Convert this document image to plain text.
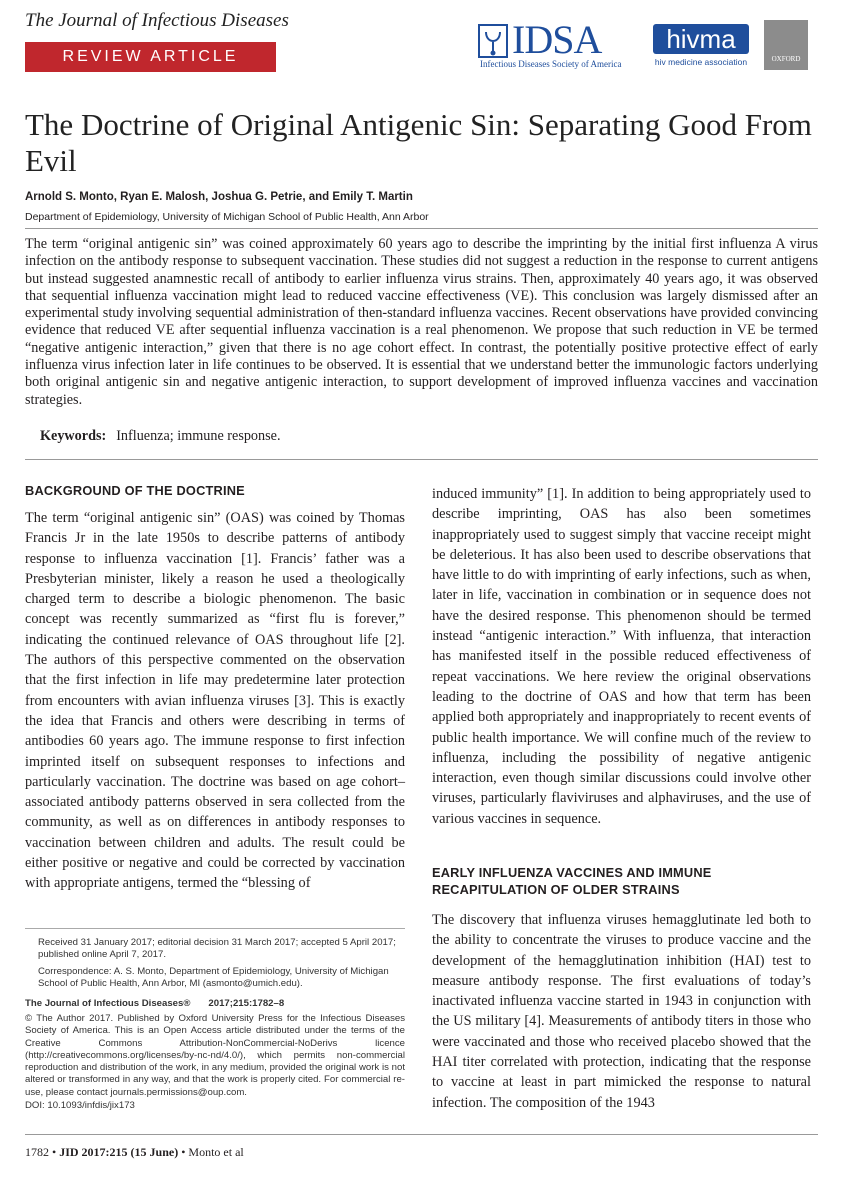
The Journal of Infectious Diseases
REVIEW ARTICLE	IDSA
Infectious Diseases Society of America
hivma
hiv medicine association	OXFORD
The Doctrine of Original Antigenic Sin: Separating Good From Evil
Arnold S. Monto, Ryan E. Malosh, Joshua G. Petrie, and Emily T. Martin
Department of Epidemiology, University of Michigan School of Public Health, Ann Arbor
The term “original antigenic sin” was coined approximately 60 years ago to describe the imprinting by the initial first influenza A virus infection on the antibody response to subsequent vaccination. These studies did not suggest a reduction in the response to current antigens but instead suggested anamnestic recall of antibody to earlier influenza virus strains. Then, approximately 40 years ago, it was observed that sequential influenza vaccination might lead to reduced vaccine effectiveness (VE). This conclusion was largely dismissed after an experimental study involving sequential administration of then-standard influenza vaccines. Recent observations have provided convincing evidence that reduced VE after sequential influenza vaccination is a real phenomenon. We propose that such reduction in VE be termed “negative antigenic interaction,” given that there is no age cohort effect. In contrast, the potentially positive protective effect of early influenza virus infection later in life continues to be observed. It is essential that we understand better the immunologic factors underlying both original antigenic sin and negative antigenic interaction, to support development of improved influenza vaccines and vaccination strategies.
Keywords: Influenza; immune response.
BACKGROUND OF THE DOCTRINE
The term “original antigenic sin” (OAS) was coined by Thomas Francis Jr in the late 1950s to describe patterns of antibody response to influenza vaccination [1]. Francis’ father was a Presbyterian minister, likely a reason he used a theologically charged term to describe a biologic phenomenon. The basic concept was recently summarized as “first flu is forever,” indicating the continued relevance of OAS throughout life [2]. The authors of this perspective commented on the observation that the first infection in life may predetermine later protection from encounters with avian influenza viruses [3]. This is exactly the idea that Francis and others were describing in terms of antibodies 60 years ago. The immune response to first infection imprinted itself on subsequent responses to infections and particularly vaccination. The doctrine was based on age cohort–associated antibody patterns observed in sera collected from the community, as well as on differences in antibody responses to vaccination between children and adults. The result could be either positive or negative and could be corrected by vaccination with appropriate antigens, termed the “blessing of
Received 31 January 2017; editorial decision 31 March 2017; accepted 5 April 2017; published online April 7, 2017.
Correspondence: A. S. Monto, Department of Epidemiology, University of Michigan School of Public Health, Ann Arbor, MI (asmonto@umich.edu).
The Journal of Infectious Diseases® 2017;215:1782–8
© The Author 2017. Published by Oxford University Press for the Infectious Diseases Society of America. This is an Open Access article distributed under the terms of the Creative Commons Attribution-NonCommercial-NoDerivs licence (http://creativecommons.org/licenses/by-nc-nd/4.0/), which permits non-commercial reproduction and distribution of the work, in any medium, provided the original work is not altered or transformed in any way, and that the work is properly cited. For commercial re-use, please contact journals.permissions@oup.com.
DOI: 10.1093/infdis/jix173
induced immunity” [1]. In addition to being appropriately used to describe imprinting, OAS has also been sometimes inappropriately used to suggest simply that vaccine receipt might be deleterious. It has also been used to describe observations that have little to do with imprinting of early infections, such as when, later in life, vaccination in combination or in sequence does not have the desired response. This phenomenon should be termed instead “antigenic interaction.” With influenza, that interaction has manifested itself in the possible reduced effectiveness of repeat vaccinations. We here review the original observations leading to the doctrine of OAS and how that term has been applied both appropriately and inappropriately to recent events of public health importance. We will confine much of the review to influenza, including the possibility of negative antigenic interaction, even though similar discussions could involve other viruses, particularly flaviviruses and alphaviruses, and the use of various vaccines in sequence.
EARLY INFLUENZA VACCINES AND IMMUNE RECAPITULATION OF OLDER STRAINS
The discovery that influenza viruses hemagglutinate led both to the ability to concentrate the viruses to produce vaccine and the development of the hemagglutination inhibition (HAI) test to measure antibody response. The first evaluations of today’s inactivated influenza vaccine started in 1943 in conjunction with the US military [4]. Measurements of antibody titers in those who were vaccinated and those who received placebo showed that the HAI titer correlated with protection, indicating that the response to vaccine at least in part mimicked the response to natural infection. The composition of the 1943
1782 • JID 2017:215 (15 June) • Monto et al
